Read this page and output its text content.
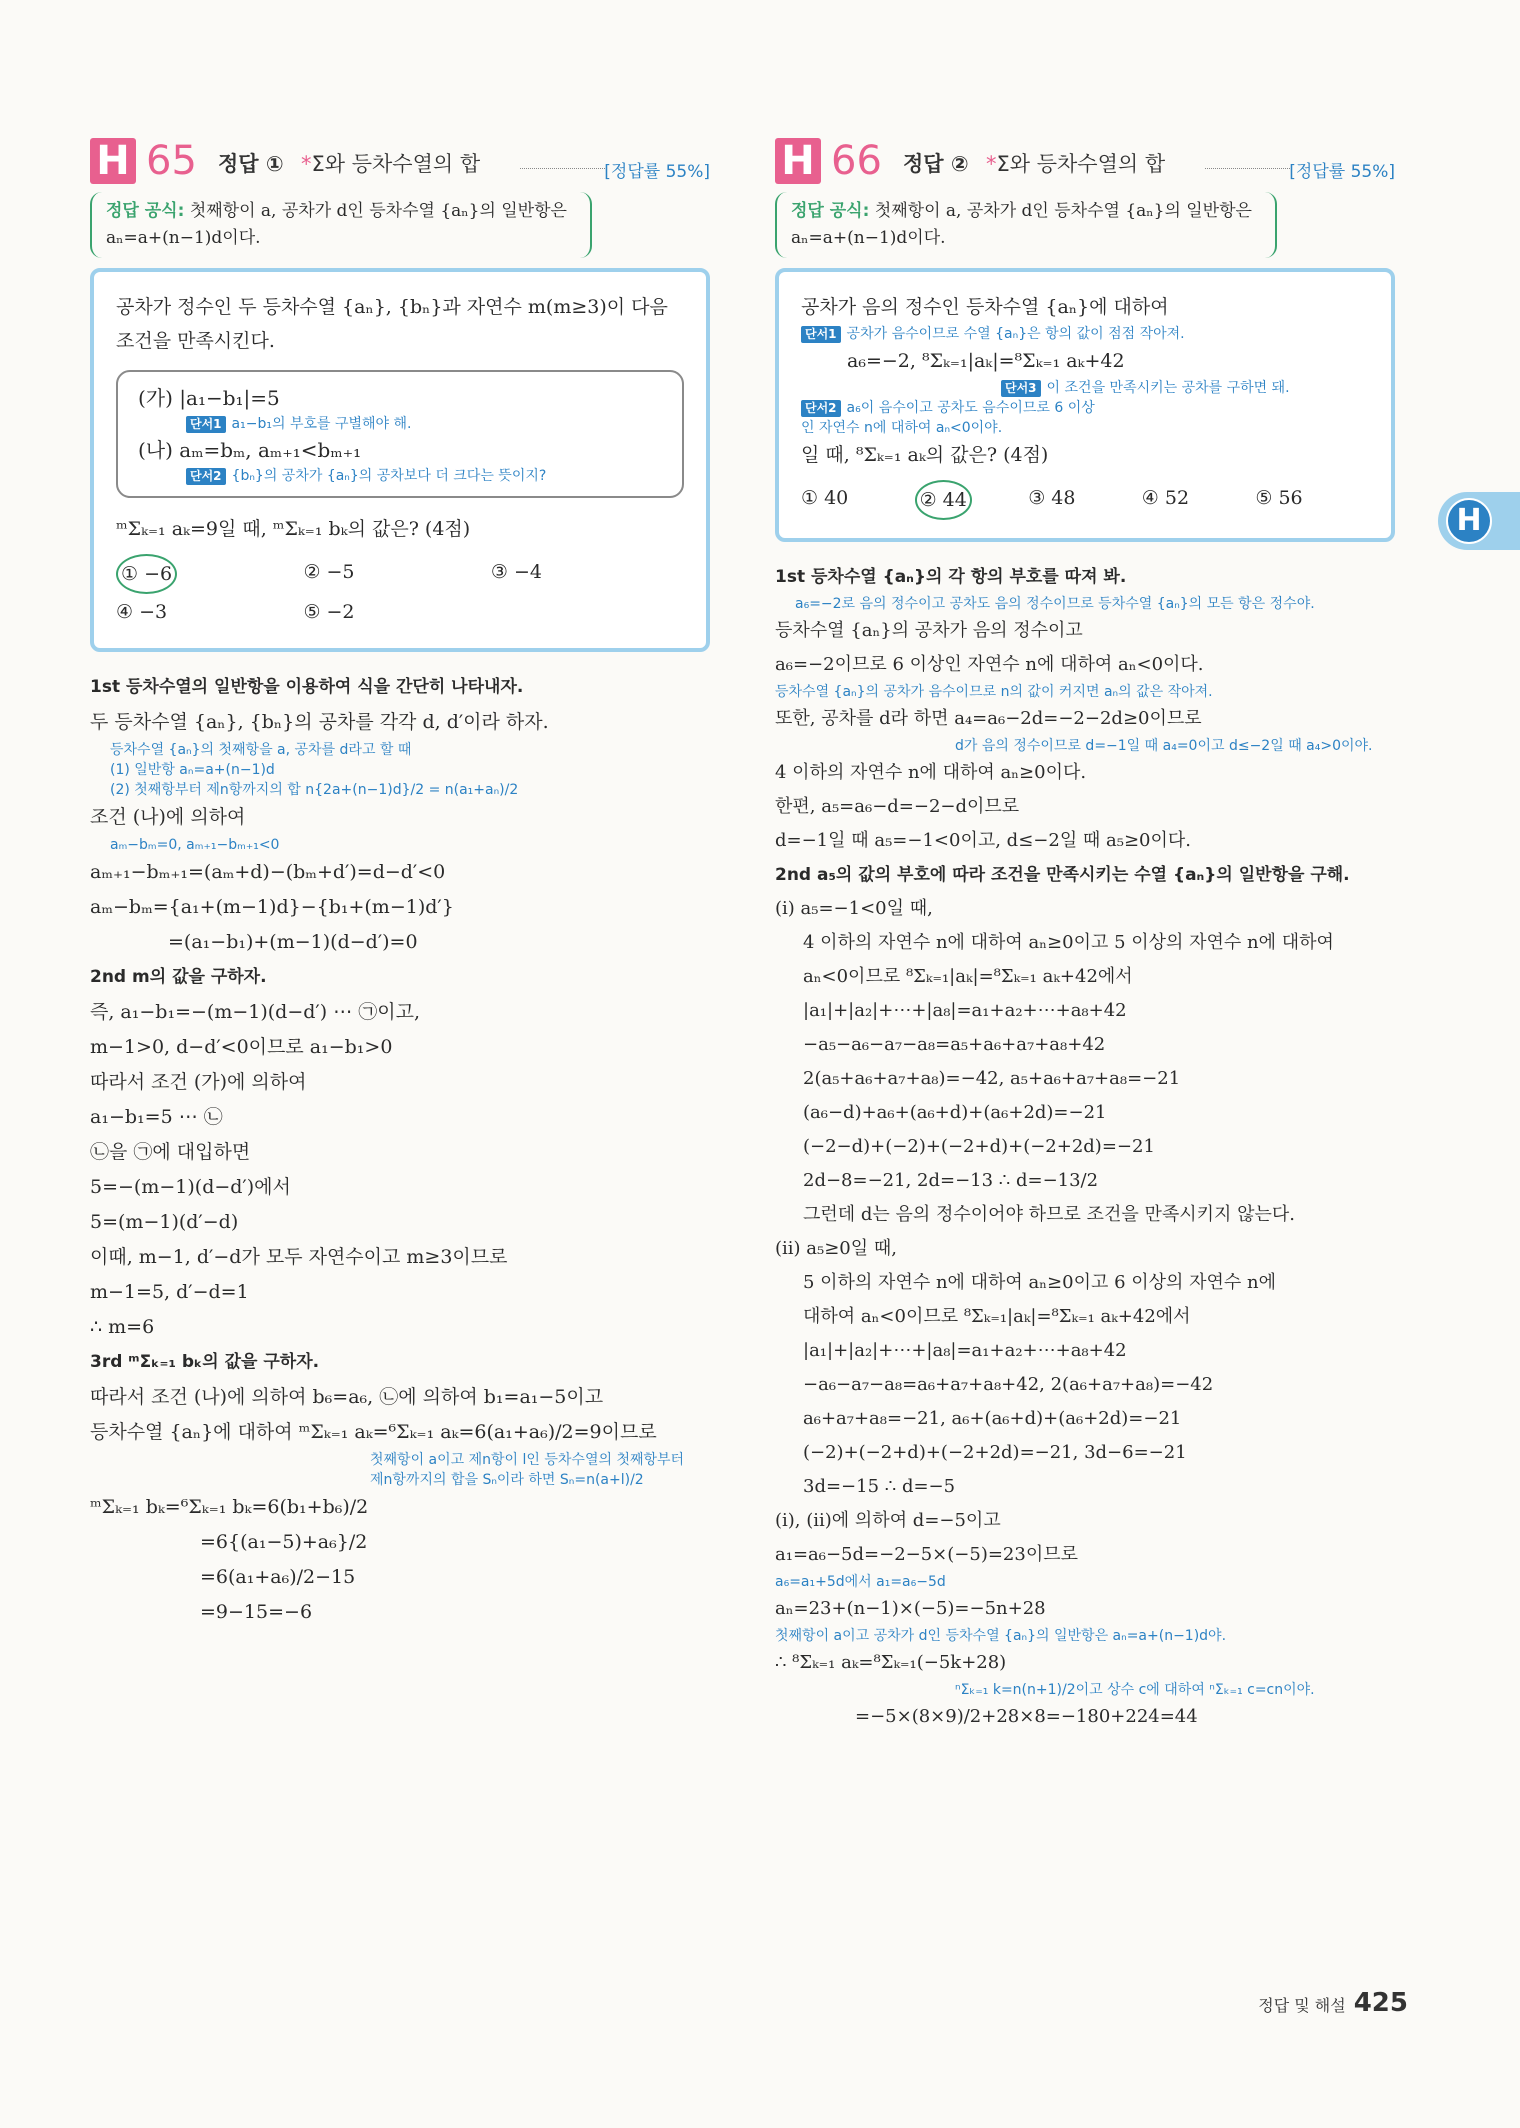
H 65 정답 ① *Σ와 등차수열의 합	[정답률 55%]
정답 공식: 첫째항이 a, 공차가 d인 등차수열 {aₙ}의 일반항은
aₙ=a+(n−1)d이다.
공차가 정수인 두 등차수열 {aₙ}, {bₙ}과 자연수 m(m≥3)이 다음
조건을 만족시킨다.
(가) |a₁−b₁|=5
단서1 a₁−b₁의 부호를 구별해야 해.
(나) aₘ=bₘ, aₘ₊₁<bₘ₊₁
단서2 {bₙ}의 공차가 {aₙ}의 공차보다 더 크다는 뜻이지?
ᵐΣₖ₌₁ aₖ=9일 때, ᵐΣₖ₌₁ bₖ의 값은? (4점)
① −6	② −5	③ −4
④ −3	⑤ −2
1st 등차수열의 일반항을 이용하여 식을 간단히 나타내자.
두 등차수열 {aₙ}, {bₙ}의 공차를 각각 d, d′이라 하자.
등차수열 {aₙ}의 첫째항을 a, 공차를 d라고 할 때
(1) 일반항 aₙ=a+(n−1)d
(2) 첫째항부터 제n항까지의 합 n{2a+(n−1)d}/2 = n(a₁+aₙ)/2
조건 (나)에 의하여
aₘ−bₘ=0, aₘ₊₁−bₘ₊₁<0
aₘ₊₁−bₘ₊₁=(aₘ+d)−(bₘ+d′)=d−d′<0
aₘ−bₘ={a₁+(m−1)d}−{b₁+(m−1)d′}
=(a₁−b₁)+(m−1)(d−d′)=0
2nd m의 값을 구하자.
즉, a₁−b₁=−(m−1)(d−d′) ⋯ ㉠이고,
m−1>0, d−d′<0이므로 a₁−b₁>0
따라서 조건 (가)에 의하여
a₁−b₁=5 ⋯ ㉡
㉡을 ㉠에 대입하면
5=−(m−1)(d−d′)에서
5=(m−1)(d′−d)
이때, m−1, d′−d가 모두 자연수이고 m≥3이므로
m−1=5, d′−d=1
∴ m=6
3rd ᵐΣₖ₌₁ bₖ의 값을 구하자.
따라서 조건 (나)에 의하여 b₆=a₆, ㉡에 의하여 b₁=a₁−5이고
등차수열 {aₙ}에 대하여 ᵐΣₖ₌₁ aₖ=⁶Σₖ₌₁ aₖ=6(a₁+a₆)/2=9이므로
첫째항이 a이고 제n항이 l인 등차수열의 첫째항부터
제n항까지의 합을 Sₙ이라 하면 Sₙ=n(a+l)/2
ᵐΣₖ₌₁ bₖ=⁶Σₖ₌₁ bₖ=6(b₁+b₆)/2
=6{(a₁−5)+a₆}/2
=6(a₁+a₆)/2−15
=9−15=−6
H 66 정답 ② *Σ와 등차수열의 합	[정답률 55%]
정답 공식: 첫째항이 a, 공차가 d인 등차수열 {aₙ}의 일반항은
aₙ=a+(n−1)d이다.
공차가 음의 정수인 등차수열 {aₙ}에 대하여
단서1 공차가 음수이므로 수열 {aₙ}은 항의 값이 점점 작아져.
a₆=−2, ⁸Σₖ₌₁|aₖ|=⁸Σₖ₌₁ aₖ+42
단서3 이 조건을 만족시키는 공차를 구하면 돼.
단서2 a₆이 음수이고 공차도 음수이므로 6 이상인 자연수 n에 대하여 aₙ<0이야.
일 때, ⁸Σₖ₌₁ aₖ의 값은? (4점)
① 40	② 44	③ 48	④ 52	⑤ 56
1st 등차수열 {aₙ}의 각 항의 부호를 따져 봐.
a₆=−2로 음의 정수이고 공차도 음의 정수이므로 등차수열 {aₙ}의 모든 항은 정수야.
등차수열 {aₙ}의 공차가 음의 정수이고
a₆=−2이므로 6 이상인 자연수 n에 대하여 aₙ<0이다.
등차수열 {aₙ}의 공차가 음수이므로 n의 값이 커지면 aₙ의 값은 작아져.
또한, 공차를 d라 하면 a₄=a₆−2d=−2−2d≥0이므로
d가 음의 정수이므로 d=−1일 때 a₄=0이고 d≤−2일 때 a₄>0이야.
4 이하의 자연수 n에 대하여 aₙ≥0이다.
한편, a₅=a₆−d=−2−d이므로
d=−1일 때 a₅=−1<0이고, d≤−2일 때 a₅≥0이다.
2nd a₅의 값의 부호에 따라 조건을 만족시키는 수열 {aₙ}의 일반항을 구해.
(i) a₅=−1<0일 때,
4 이하의 자연수 n에 대하여 aₙ≥0이고 5 이상의 자연수 n에 대하여
aₙ<0이므로 ⁸Σₖ₌₁|aₖ|=⁸Σₖ₌₁ aₖ+42에서
|a₁|+|a₂|+⋯+|a₈|=a₁+a₂+⋯+a₈+42
−a₅−a₆−a₇−a₈=a₅+a₆+a₇+a₈+42
2(a₅+a₆+a₇+a₈)=−42, a₅+a₆+a₇+a₈=−21
(a₆−d)+a₆+(a₆+d)+(a₆+2d)=−21
(−2−d)+(−2)+(−2+d)+(−2+2d)=−21
2d−8=−21, 2d=−13 ∴ d=−13/2
그런데 d는 음의 정수이어야 하므로 조건을 만족시키지 않는다.
(ii) a₅≥0일 때,
5 이하의 자연수 n에 대하여 aₙ≥0이고 6 이상의 자연수 n에
대하여 aₙ<0이므로 ⁸Σₖ₌₁|aₖ|=⁸Σₖ₌₁ aₖ+42에서
|a₁|+|a₂|+⋯+|a₈|=a₁+a₂+⋯+a₈+42
−a₆−a₇−a₈=a₆+a₇+a₈+42, 2(a₆+a₇+a₈)=−42
a₆+a₇+a₈=−21, a₆+(a₆+d)+(a₆+2d)=−21
(−2)+(−2+d)+(−2+2d)=−21, 3d−6=−21
3d=−15 ∴ d=−5
(i), (ii)에 의하여 d=−5이고
a₁=a₆−5d=−2−5×(−5)=23이므로
a₆=a₁+5d에서 a₁=a₆−5d
aₙ=23+(n−1)×(−5)=−5n+28
첫째항이 a이고 공차가 d인 등차수열 {aₙ}의 일반항은 aₙ=a+(n−1)d야.
∴ ⁸Σₖ₌₁ aₖ=⁸Σₖ₌₁(−5k+28)
ⁿΣₖ₌₁ k=n(n+1)/2이고 상수 c에 대하여 ⁿΣₖ₌₁ c=cn이야.
=−5×(8×9)/2+28×8=−180+224=44
H
정답 및 해설 425
